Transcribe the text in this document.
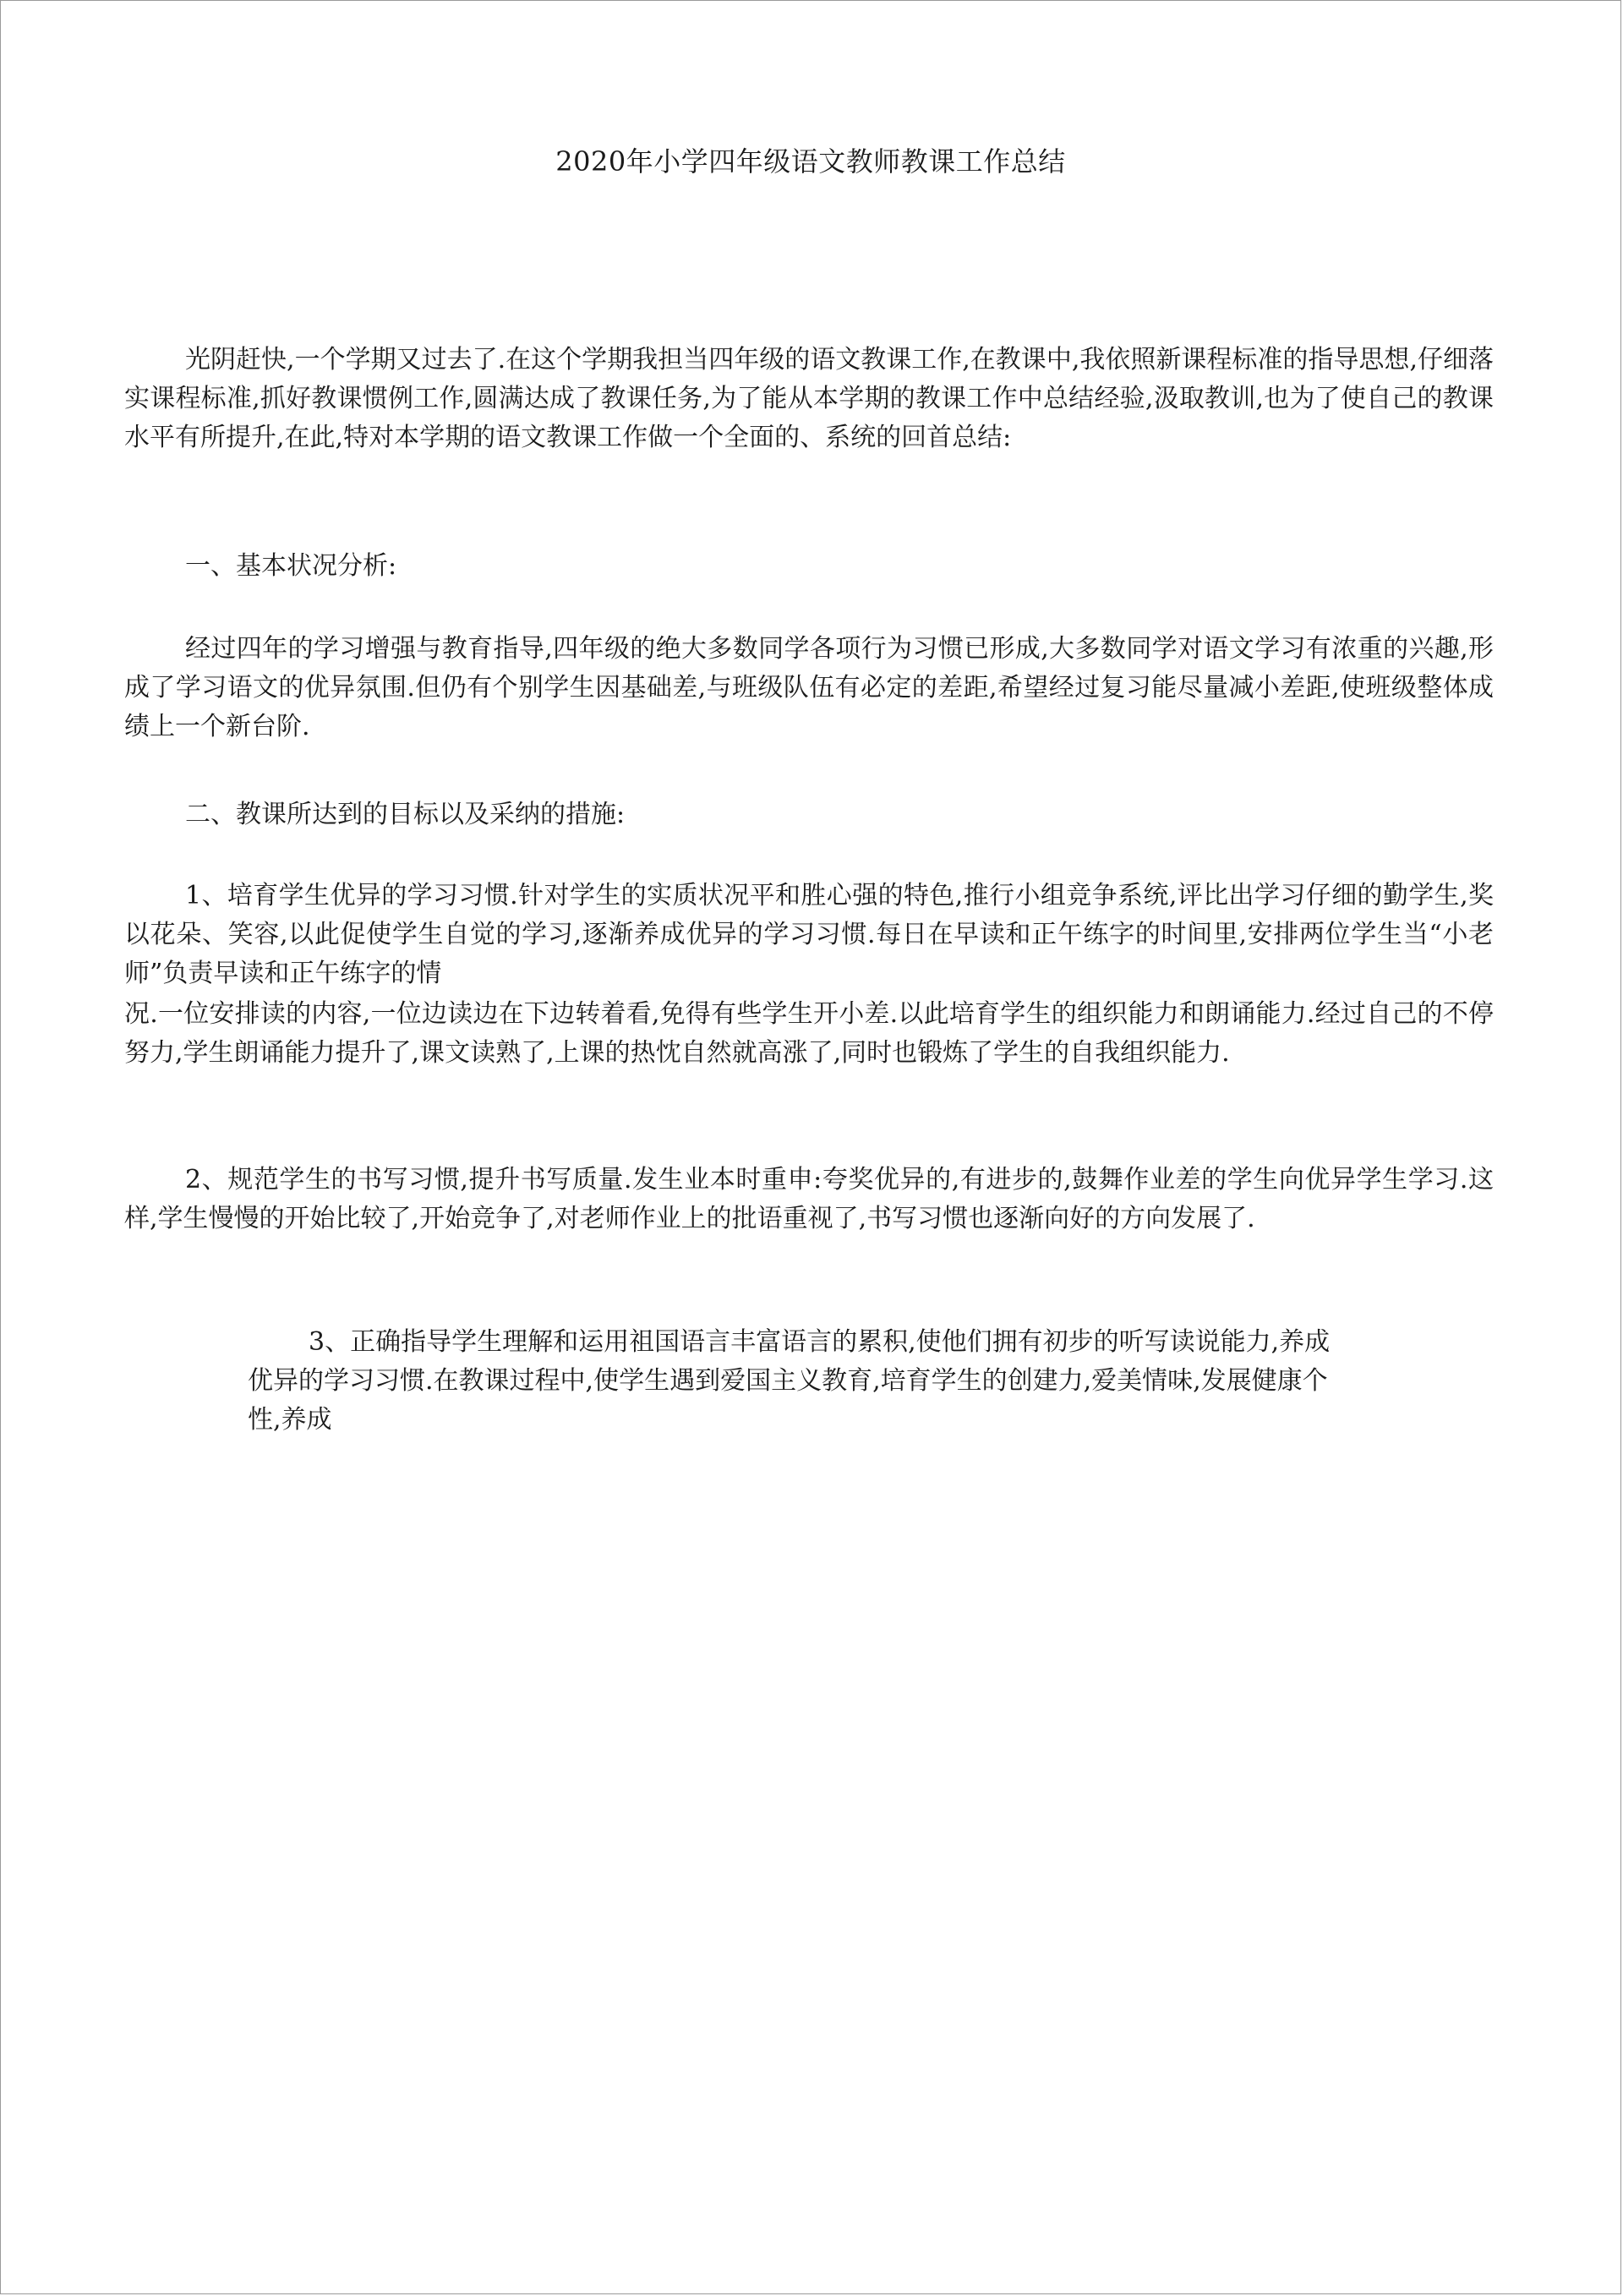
2020年小学四年级语文教师教课工作总结

光阴赶快,一个学期又过去了.在这个学期我担当四年级的语文教课工作,在教课中,我依照新课程标准的指导思想,仔细落实课程标准,抓好教课惯例工作,圆满达成了教课任务,为了能从本学期的教课工作中总结经验,汲取教训,也为了使自己的教课水平有所提升,在此,特对本学期的语文教课工作做一个全面的、系统的回首总结:

一、基本状况分析:

经过四年的学习增强与教育指导,四年级的绝大多数同学各项行为习惯已形成,大多数同学对语文学习有浓重的兴趣,形成了学习语文的优异氛围.但仍有个别学生因基础差,与班级队伍有必定的差距,希望经过复习能尽量减小差距,使班级整体成绩上一个新台阶.

二、教课所达到的目标以及采纳的措施:

1、培育学生优异的学习习惯.针对学生的实质状况平和胜心强的特色,推行小组竞争系统,评比出学习仔细的勤学生,奖以花朵、笑容,以此促使学生自觉的学习,逐渐养成优异的学习习惯.每日在早读和正午练字的时间里,安排两位学生当“小老师”负责早读和正午练字的情

况.一位安排读的内容,一位边读边在下边转着看,免得有些学生开小差.以此培育学生的组织能力和朗诵能力.经过自己的不停努力,学生朗诵能力提升了,课文读熟了,上课的热忱自然就高涨了,同时也锻炼了学生的自我组织能力.

2、规范学生的书写习惯,提升书写质量.发生业本时重申:夸奖优异的,有进步的,鼓舞作业差的学生向优异学生学习.这样,学生慢慢的开始比较了,开始竞争了,对老师作业上的批语重视了,书写习惯也逐渐向好的方向发展了.

3、正确指导学生理解和运用祖国语言丰富语言的累积,使他们拥有初步的听写读说能力,养成优异的学习习惯.在教课过程中,使学生遇到爱国主义教育,培育学生的创建力,爱美情味,发展健康个性,养成
